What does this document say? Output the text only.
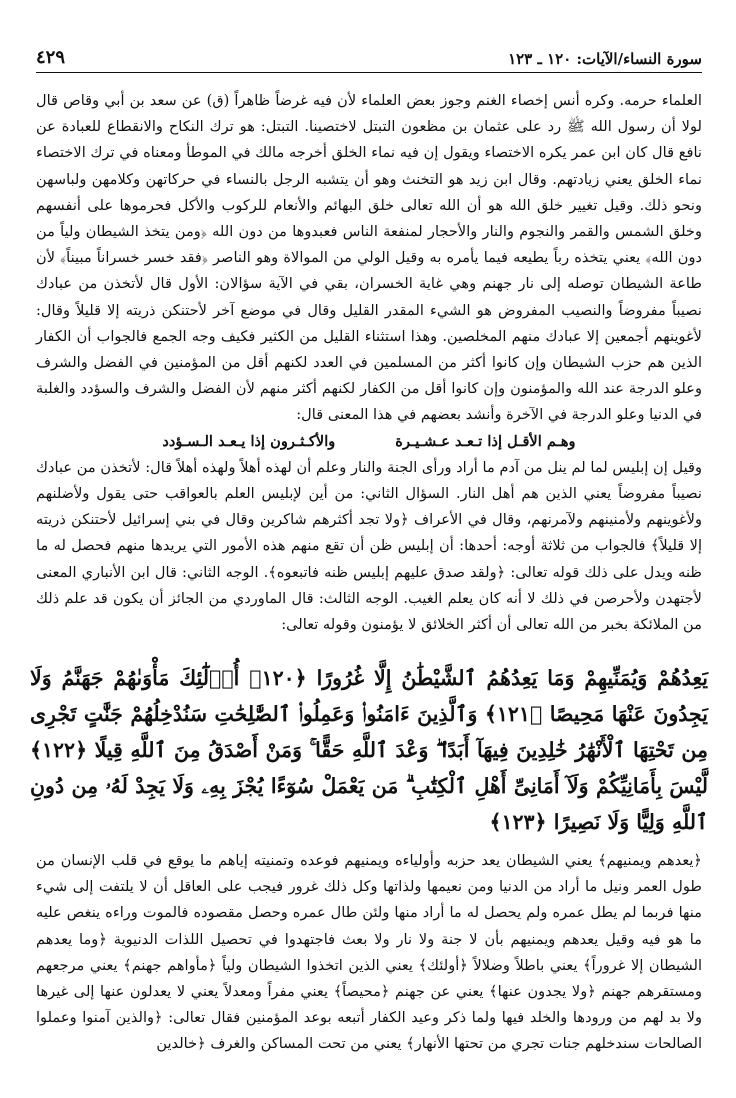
سورة النساء/الآيات: ١٢٠ ـ ١٢٣
٤٢٩

العلماء حرمه. وكره أنس إخصاء الغنم وجوز بعض العلماء لأن فيه غرضاً ظاهراً (ق) عن سعد بن أبي وقاص قال لولا أن رسول الله ﷺ رد على عثمان بن مظعون التبتل لاختصينا. التبتل: هو ترك النكاح والانقطاع للعبادة عن نافع قال كان ابن عمر يكره الاختصاء ويقول إن فيه نماء الخلق أخرجه مالك في الموطأ ومعناه في ترك الاختصاء نماء الخلق يعني زيادتهم. وقال ابن زيد هو التخنث وهو أن يتشبه الرجل بالنساء في حركاتهن وكلامهن ولباسهن ونحو ذلك. وقيل تغيير خلق الله هو أن الله تعالى خلق البهائم والأنعام للركوب والأكل فحرموها على أنفسهم وخلق الشمس والقمر والنجوم والنار والأحجار لمنفعة الناس فعبدوها من دون الله ﴿ومن يتخذ الشيطان ولياً من دون الله﴾ يعني يتخذه رباً يطيعه فيما يأمره به وقيل الولي من الموالاة وهو الناصر ﴿فقد خسر خسراناً مبيناً﴾ لأن طاعة الشيطان توصله إلى نار جهنم وهي غاية الخسران، بقي في الآية سؤالان: الأول قال لأتخذن من عبادك نصيباً مفروضاً والنصيب المفروض هو الشيء المقدر القليل وقال في موضع آخر لأحتنكن ذريته إلا قليلاً وقال: لأغوينهم أجمعين إلا عبادك منهم المخلصين. وهذا استثناء القليل من الكثير فكيف وجه الجمع فالجواب أن الكفار الذين هم حزب الشيطان وإن كانوا أكثر من المسلمين في العدد لكنهم أقل من المؤمنين في الفضل والشرف وعلو الدرجة عند الله والمؤمنون وإن كانوا أقل من الكفار لكنهم أكثر منهم لأن الفضل والشرف والسؤدد والغلبة في الدنيا وعلو الدرجة في الآخرة وأنشد بعضهم في هذا المعنى قال:

وهـم الأقـل إذا تـعـد عـشـيـرة
والأكـثـرون إذا يـعـد الـسـؤدد

وقيل إن إبليس لما لم ينل من آدم ما أراد ورأى الجنة والنار وعلم أن لهذه أهلاً ولهذه أهلاً قال: لأتخذن من عبادك نصيباً مفروضاً يعني الذين هم أهل النار. السؤال الثاني: من أين لإبليس العلم بالعواقب حتى يقول ولأضلنهم ولأغوينهم ولأمنينهم ولآمرنهم، وقال في الأعراف ﴿ولا تجد أكثرهم شاكرين وقال في بني إسرائيل لأحتنكن ذريته إلا قليلاً﴾ فالجواب من ثلاثة أوجه: أحدها: أن إبليس ظن أن تقع منهم هذه الأمور التي يريدها منهم فحصل له ما ظنه ويدل على ذلك قوله تعالى: ﴿ولقد صدق عليهم إبليس ظنه فاتبعوه﴾. الوجه الثاني: قال ابن الأنباري المعنى لأجتهدن ولأحرصن في ذلك لا أنه كان يعلم الغيب. الوجه الثالث: قال الماوردي من الجائز أن يكون قد علم ذلك من الملائكة بخبر من الله تعالى أن أكثر الخلائق لا يؤمنون وقوله تعالى:

يَعِدُهُمْ وَيُمَنِّيهِمْ وَمَا يَعِدُهُمُ ٱلشَّيْطَٰنُ إِلَّا غُرُورًا ﴿١٢٠﴾ أُو۟لَٰٓئِكَ مَأْوَىٰهُمْ جَهَنَّمُ وَلَا يَجِدُونَ عَنْهَا مَحِيصًا ﴿١٢١﴾ وَٱلَّذِينَ ءَامَنُوا۟ وَعَمِلُوا۟ ٱلصَّٰلِحَٰتِ سَنُدْخِلُهُمْ جَنَّٰتٍ تَجْرِى مِن تَحْتِهَا ٱلْأَنْهَٰرُ خَٰلِدِينَ فِيهَآ أَبَدًا ۖ وَعْدَ ٱللَّهِ حَقًّا ۚ وَمَنْ أَصْدَقُ مِنَ ٱللَّهِ قِيلًا ﴿١٢٢﴾ لَّيْسَ بِأَمَانِيِّكُمْ وَلَآ أَمَانِىِّ أَهْلِ ٱلْكِتَٰبِ ۗ مَن يَعْمَلْ سُوٓءًا يُجْزَ بِهِۦ وَلَا يَجِدْ لَهُۥ مِن دُونِ ٱللَّهِ وَلِيًّا وَلَا نَصِيرًا ﴿١٢٣﴾

﴿يعدهم ويمنيهم﴾ يعني الشيطان يعد حزبه وأولياءه ويمنيهم فوعده وتمنيته إياهم ما يوقع في قلب الإنسان من طول العمر ونيل ما أراد من الدنيا ومن نعيمها ولذاتها وكل ذلك غرور فيجب على العاقل أن لا يلتفت إلى شيء منها فربما لم يطل عمره ولم يحصل له ما أراد منها ولئن طال عمره وحصل مقصوده فالموت وراءه ينغص عليه ما هو فيه وقيل يعدهم ويمنيهم بأن لا جنة ولا نار ولا بعث فاجتهدوا في تحصيل اللذات الدنيوية ﴿وما يعدهم الشيطان إلا غروراً﴾ يعني باطلاً وضلالاً ﴿أولئك﴾ يعني الذين اتخذوا الشيطان ولياً ﴿مأواهم جهنم﴾ يعني مرجعهم ومستقرهم جهنم ﴿ولا يجدون عنها﴾ يعني عن جهنم ﴿محيصاً﴾ يعني مفراً ومعدلاً يعني لا يعدلون عنها إلى غيرها ولا بد لهم من ورودها والخلد فيها ولما ذكر وعيد الكفار أتبعه بوعد المؤمنين فقال تعالى: ﴿والذين آمنوا وعملوا الصالحات سندخلهم جنات تجري من تحتها الأنهار﴾ يعني من تحت المساكن والغرف ﴿خالدين
